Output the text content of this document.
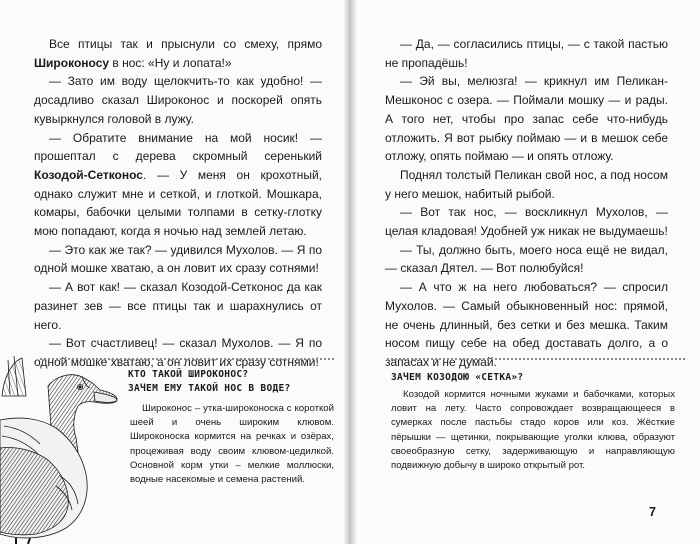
Все птицы так и прыснули со смеху, прямо Широконосу в нос: «Ну и лопата!»

— Зато им воду щелокчить-то как удобно! — досадливо сказал Широконос и поскорей опять кувыркнулся головой в лужу.

— Обратите внимание на мой носик! — прошептал с дерева скромный серенький Козодой-Сетконос. — У меня он крохотный, однако служит мне и сеткой, и глоткой. Мошкара, комары, бабочки целыми толпами в сетку-глотку мою попадают, когда я ночью над землей летаю.

— Это как же так? — удивился Мухолов. — Я по одной мошке хватаю, а он ловит их сразу сотнями!

— А вот как! — сказал Козодой-Сетконос да как разинет зев — все птицы так и шарахнулись от него.

— Вот счастливец! — сказал Мухолов. — Я по одной мошке хватаю, а он ловит их сразу сотнями!

КТО ТАКОЙ ШИРОКОНОС?
ЗАЧЕМ ЕМУ ТАКОЙ НОС В ВОДЕ?

Широконос – утка-широконоска с короткой шеей и очень широким клювом. Широконоска кормится на речках и озёрах, процеживая воду своим клювом-цедилкой. Основной корм утки – мелкие моллюски, водные насекомые и семена растений.

— Да, — согласились птицы, — с такой пастью не пропадёшь!

— Эй вы, мелюзга! — крикнул им Пеликан-Мешконос с озера. — Поймали мошку — и рады. А того нет, чтобы про запас себе что-нибудь отложить. Я вот рыбку поймаю — и в мешок себе отложу, опять поймаю — и опять отложу.

Поднял толстый Пеликан свой нос, а под носом у него мешок, набитый рыбой.

— Вот так нос, — воскликнул Мухолов, — целая кладовая! Удобней уж никак не выдумаешь!

— Ты, должно быть, моего носа ещё не видал, — сказал Дятел. — Вот полюбуйся!

— А что ж на него любоваться? — спросил Мухолов. — Самый обыкновенный нос: прямой, не очень длинный, без сетки и без мешка. Таким носом пищу себе на обед доставать долго, а о запасах и не думай.

ЗАЧЕМ КОЗОДОЮ «СЕТКА»?

Козодой кормится ночными жуками и бабочками, которых ловит на лету. Часто сопровождает возвращающееся в сумерках после пастьбы стадо коров или коз. Жёсткие пёрышки — щетинки, покрывающие уголки клюва, образуют своеобразную сетку, задерживающую и направляющую подвижную добычу в широко открытый рот.

7
